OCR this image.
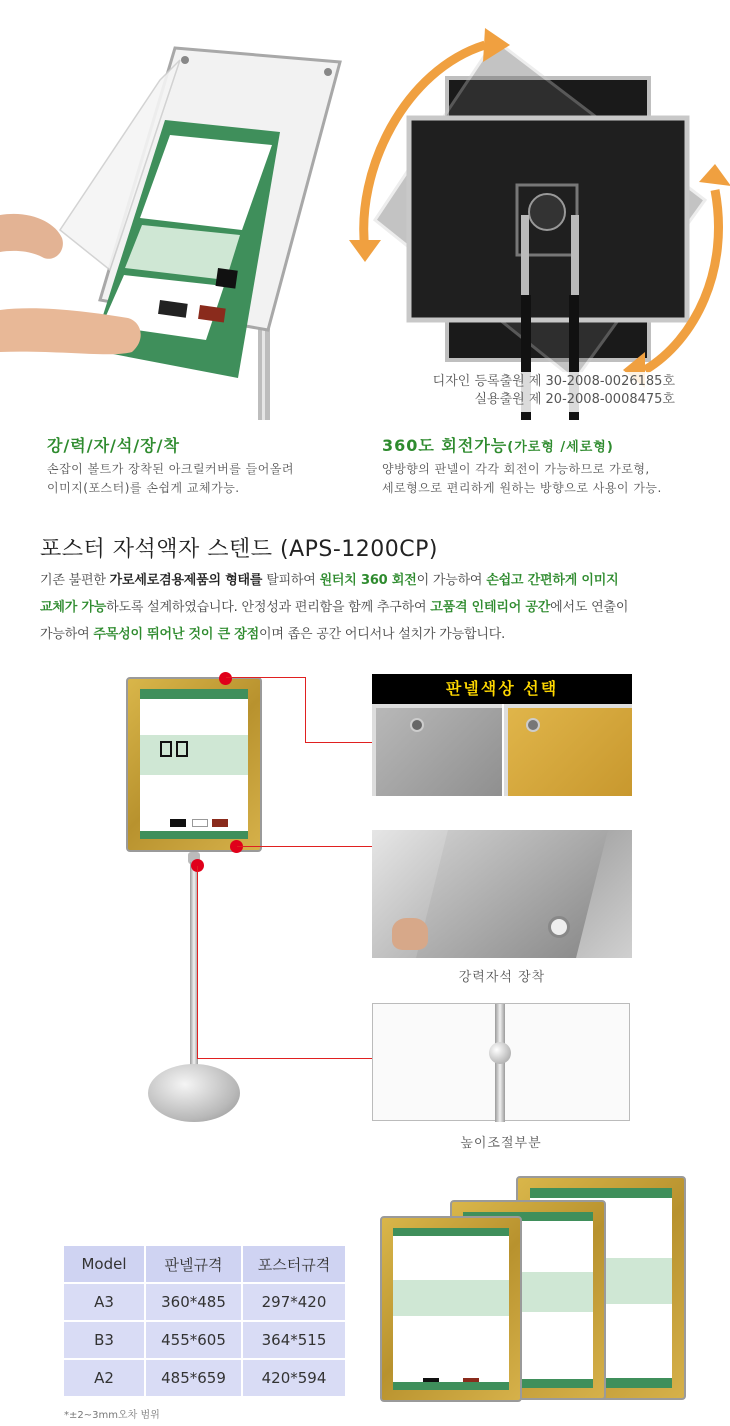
디자인 등록출원 제 30-2008-0026185호
실용출원 제 20-2008-0008475호
강/력/자/석/장/착
손잡이 볼트가 장착된 아크릴커버를 들어올려
이미지(포스터)를 손쉽게 교체가능.
360도 회전가능(가로형 /세로형)
양방향의 판넬이 각각 회전이 가능하므로 가로형,
세로형으로 편리하게 원하는 방향으로 사용이 가능.
포스터 자석액자 스텐드 (APS-1200CP)
기존 불편한 가로세로겸용제품의 형태를 탈피하여 원터치 360 회전이 가능하여 손쉽고 간편하게 이미지
교체가 가능하도록 설계하였습니다. 안정성과 편리함을 함께 추구하여 고품격 인테리어 공간에서도 연출이
가능하여 주목성이 뛰어난 것이 큰 장점이며 좁은 공간 어디서나 설치가 가능합니다.
판넬색상 선택
강력자석 장착
높이조절부분
Model	판넬규격	포스터규격
A3	360*485	297*420
B3	455*605	364*515
A2	485*659	420*594
*±2~3mm오차 범위
